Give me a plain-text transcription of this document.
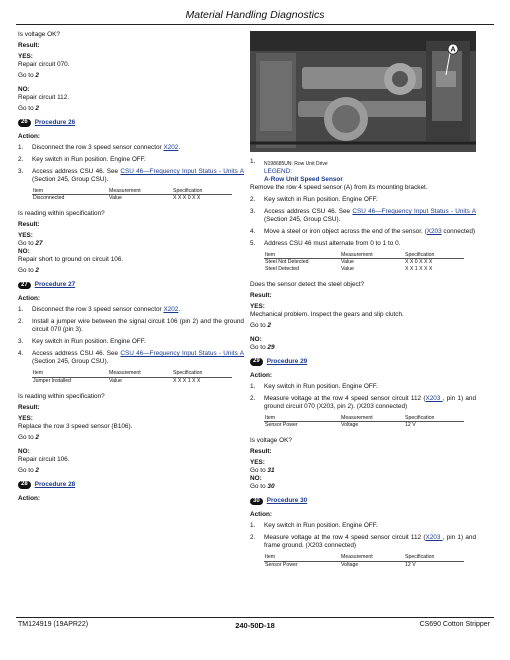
Material Handling Diagnostics
Is voltage OK?
Result:
YES:
Repair circuit 070.
Go to 2
NO:
Repair circuit 112.
Go to 2
26	Procedure 26
Action:
1.	Disconnect the row 3 speed sensor connector X202.
2.	Key switch in Run position. Engine OFF.
3.	Access address CSU 46. See CSU 46—Frequency Input Status - Units A (Section 245, Group CSU).
Item	Measurement	Specification
Disconnected	Value	X X X 0 X X
Is reading within specification?
Result:
YES:
Go to 27
NO:
Repair short to ground on circuit 106.
Go to 2
27	Procedure 27
Action:
1.	Disconnect the row 3 speed sensor connector X202.
2.	Install a jumper wire between the signal circuit 106 (pin 2) and the ground circuit 070 (pin 3).
3.	Key switch in Run position. Engine OFF.
4.	Access address CSU 46. See CSU 46—Frequency Input Status - Units A (Section 245, Group CSU).
Item	Measurement	Specification
Jumper Installed	Value	X X X 1 X X
Is reading within specification?
Result:
YES:
Replace the row 3 speed sensor (B106).
Go to 2
NO:
Repair circuit 106.
Go to 2
28	Procedure 28
Action:
A
1.	N198685UN: Row Unit Drive
LEGEND:
A-Row Unit Speed Sensor
Remove the row 4 speed sensor (A) from its mounting bracket.
2.	Key switch in Run position. Engine OFF.
3.	Access address CSU 46. See CSU 46—Frequency Input Status - Units A (Section 245, Group CSU).
4.	Move a steel or iron object across the end of the sensor. (X203 connected)
5.	Address CSU 46 must alternate from 0 to 1 to 0.
Item	Measurement	Specification
Steel Not Detected	Value	X X 0 X X X
Steel Detected	Value	X X 1 X X X
Does the sensor detect the steel object?
Result:
YES:
Mechanical problem. Inspect the gears and slip clutch.
Go to 2
NO:
Go to 29
29	Procedure 29
Action:
1.	Key switch in Run position. Engine OFF.
2.	Measure voltage at the row 4 speed sensor circuit 112 (X203 , pin 1) and ground circuit 070 (X203, pin 2). (X203 connected)
Item	Measurement	Specification
Sensor Power	Voltage	12 V
Is voltage OK?
Result:
YES:
Go to 31
NO:
Go to 30
30	Procedure 30
Action:
1.	Key switch in Run position. Engine OFF.
2.	Measure voltage at the row 4 speed sensor circuit 112 (X203 , pin 1) and frame ground. (X203 connected)
Item	Measurement	Specification
Sensor Power	Voltage	12 V
TM124919 (19APR22)	240-50D-18	CS690 Cotton Stripper
